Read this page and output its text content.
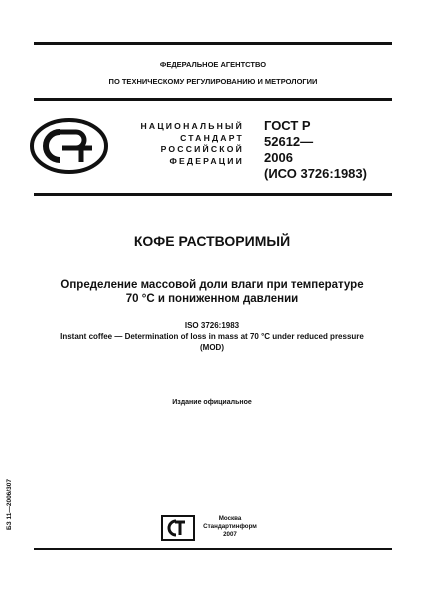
ФЕДЕРАЛЬНОЕ АГЕНТСТВО
ПО ТЕХНИЧЕСКОМУ РЕГУЛИРОВАНИЮ И МЕТРОЛОГИИ
НАЦИОНАЛЬНЫЙ
СТАНДАРТ
РОССИЙСКОЙ
ФЕДЕРАЦИИ
ГОСТ Р
52612—
2006
(ИСО 3726:1983)
КОФЕ РАСТВОРИМЫЙ
Определение массовой доли влаги при температуре
70 °С и пониженном давлении
ISO 3726:1983
Instant coffee — Determination of loss in mass at 70 °C under reduced pressure
(MOD)
Издание официальное
БЗ 11—2006/307	Москва
Стандартинформ
2007
